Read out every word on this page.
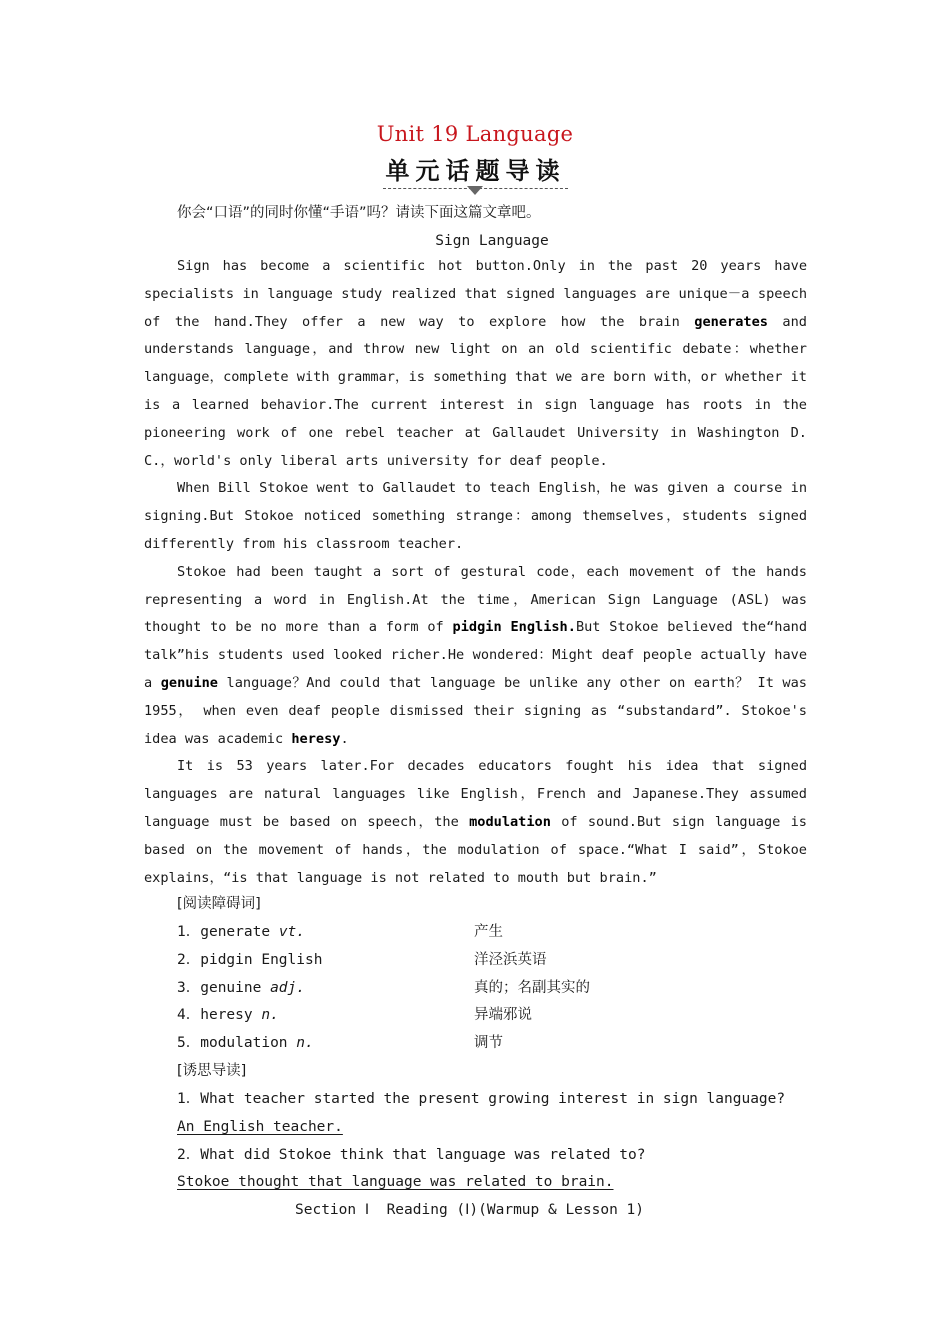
Unit 19 Language
单元话题导读
你会“口语”的同时你懂“手语”吗？请读下面这篇文章吧。
Sign Language

Sign has become a scientific hot button.Only in the past 20 years have specialists in language study realized that signed languages are unique－a speech of the hand.They offer a new way to explore how the brain generates and understands language，and throw new light on an old scientific debate：whether language，complete with grammar，is something that we are born with，or whether it is a learned behavior.The current interest in sign language has roots in the pioneering work of one rebel teacher at Gallaudet University in Washington D. C.，world's only liberal arts university for deaf people.

When Bill Stokoe went to Gallaudet to teach English，he was given a course in signing.But Stokoe noticed something strange：among themselves，students signed differently from his classroom teacher.

Stokoe had been taught a sort of gestural code，each movement of the hands representing a word in English.At the time，American Sign Language (ASL) was thought to be no more than a form of pidgin English.But Stokoe believed the“hand talk”his students used looked richer.He wondered：Might deaf people actually have a genuine language？And could that language be unlike any other on earth？ It was 1955， when even deaf people dismissed their signing as “substandard”. Stokoe's idea was academic heresy.

It is 53 years later.For decades educators fought his idea that signed languages are natural languages like English，French and Japanese.They assumed language must be based on speech，the modulation of sound.But sign language is based on the movement of hands，the modulation of space.“What I said”，Stokoe explains，“is that language is not related to mouth but brain.”

[阅读障碍词]
1．generate vt.	产生
2．pidgin English	洋泾浜英语
3．genuine adj.	真的；名副其实的
4．heresy n.	异端邪说
5．modulation n.	调节
[诱思导读]
1．What teacher started the present growing interest in sign language?
An English teacher.
2．What did Stokoe think that language was related to?
Stokoe thought that language was related to brain.
Section Ⅰ  Reading (Ⅰ)(Warmup & Lesson 1)
